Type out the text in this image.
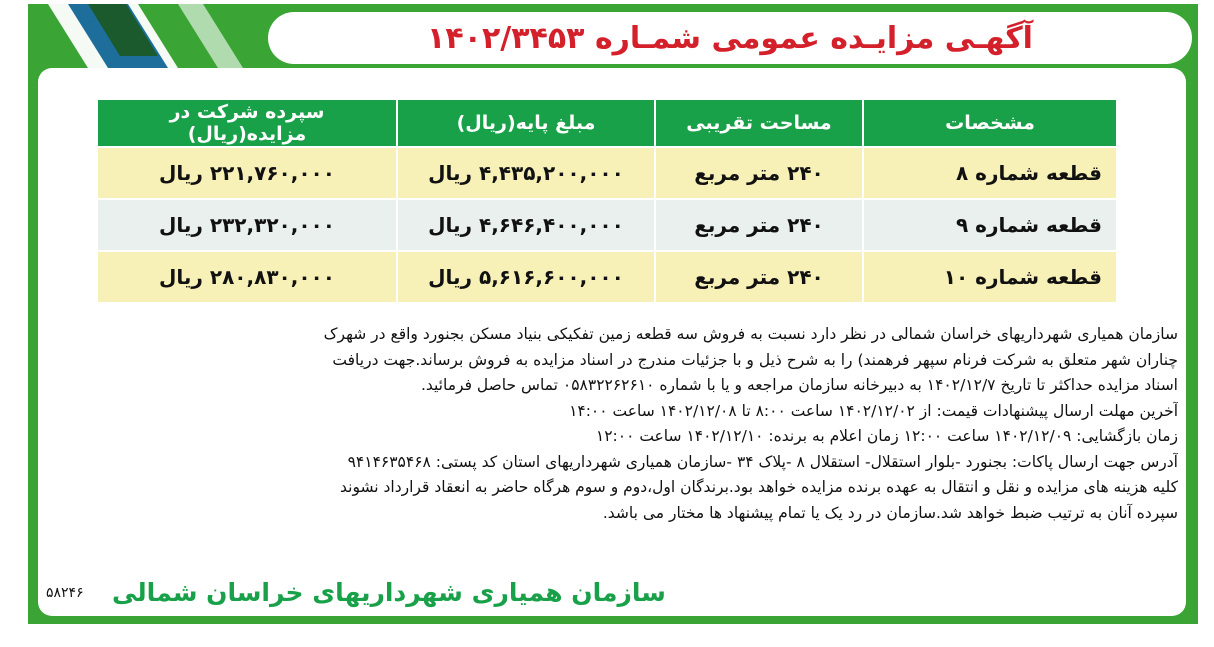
آگهـی مزایـده عمومی شمـاره ۱۴۰۲/۳۴۵۳
مشخصات	مساحت تقریبی	مبلغ پایه(ریال)	سپرده شرکت در مزایده(ریال)
قطعه شماره ۸	۲۴۰ متر مربع	۴,۴۳۵,۲۰۰,۰۰۰ ریال	۲۲۱,۷۶۰,۰۰۰ ریال
قطعه شماره ۹	۲۴۰ متر مربع	۴,۶۴۶,۴۰۰,۰۰۰ ریال	۲۳۲,۳۲۰,۰۰۰ ریال
قطعه شماره ۱۰	۲۴۰ متر مربع	۵,۶۱۶,۶۰۰,۰۰۰ ریال	۲۸۰,۸۳۰,۰۰۰ ریال

سازمان همیاری شهرداریهای خراسان شمالی در نظر دارد نسبت به فروش سه قطعه زمین تفکیکی بنیاد مسکن بجنورد واقع در شهرک

چناران شهر متعلق به شرکت فرنام سپهر فرهمند) را به شرح ذیل و با جزئیات مندرج در اسناد مزایده به فروش برساند.جهت دریافت

اسناد مزایده حداکثر تا تاریخ ۱۴۰۲/۱۲/۷ به دبیرخانه سازمان مراجعه و یا با شماره ۰۵۸۳۲۲۶۲۶۱۰ تماس حاصل فرمائید.

آخرین مهلت ارسال پیشنهادات قیمت: از ۱۴۰۲/۱۲/۰۲ ساعت ۸:۰۰ تا ۱۴۰۲/۱۲/۰۸ ساعت ۱۴:۰۰

زمان بازگشایی: ۱۴۰۲/۱۲/۰۹ ساعت ۱۲:۰۰ زمان اعلام به برنده: ۱۴۰۲/۱۲/۱۰ ساعت ۱۲:۰۰

آدرس جهت ارسال پاکات: بجنورد -بلوار استقلال- استقلال ۸ -پلاک ۳۴ -سازمان همیاری شهرداریهای استان کد پستی: ۹۴۱۴۶۳۵۴۶۸

کلیه هزینه های مزایده و نقل و انتقال به عهده برنده مزایده خواهد بود.برندگان اول،دوم و سوم هرگاه حاضر به انعقاد قرارداد نشوند

سپرده آنان به ترتیب ضبط خواهد شد.سازمان در رد یک یا تمام پیشنهاد ها مختار می باشد.

سازمان همیاری شهرداریهای خراسان شمالی
۵۸۲۴۶
